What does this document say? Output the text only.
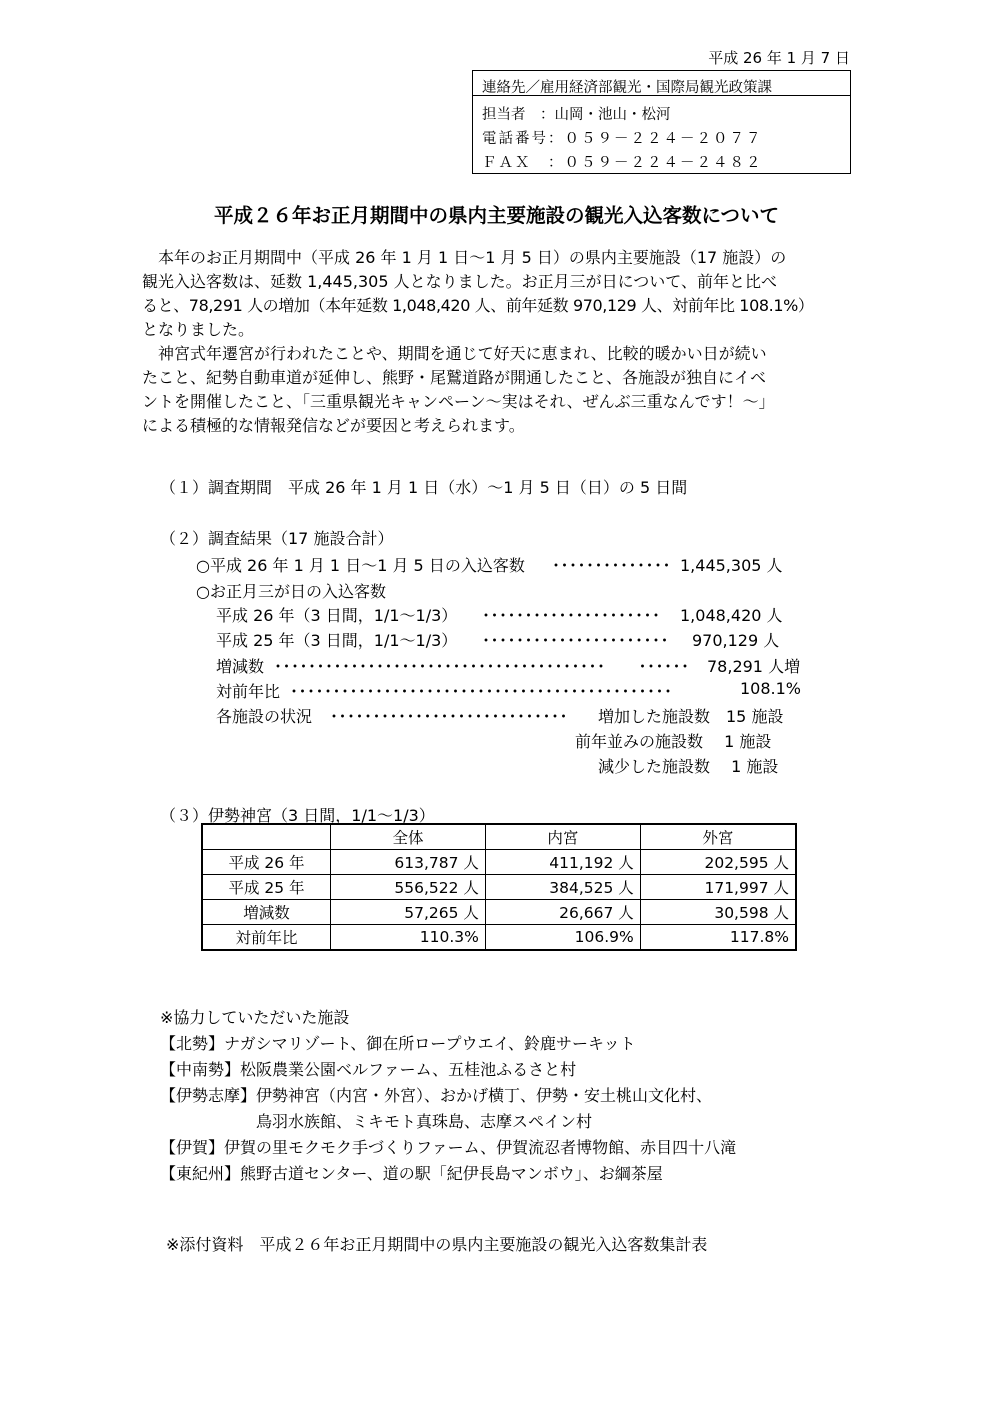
平成 26 年 1 月 7 日
連絡先／雇用経済部観光・国際局観光政策課
担当者　：山岡・池山・松河
電話番号：０５９－２２４－２０７７
ＦＡＸ　：０５９－２２４－２４８２
平成２６年お正月期間中の県内主要施設の観光入込客数について
　本年のお正月期間中（平成 26 年 1 月 1 日～1 月 5 日）の県内主要施設（17 施設）の
観光入込客数は、延数 1,445,305 人となりました。お正月三が日について、前年と比べ
ると、78,291 人の増加（本年延数 1,048,420 人、前年延数 970,129 人、対前年比 108.1%）
となりました。
　神宮式年遷宮が行われたことや、期間を通じて好天に恵まれ、比較的暖かい日が続い
たこと、紀勢自動車道が延伸し、熊野・尾鷲道路が開通したこと、各施設が独自にイベ
ントを開催したこと、「三重県観光キャンペーン～実はそれ、ぜんぶ三重なんです！～」
による積極的な情報発信などが要因と考えられます。
（１）調査期間　平成 26 年 1 月 1 日（水）～1 月 5 日（日）の 5 日間
（２）調査結果（17 施設合計）
○平成 26 年 1 月 1 日～1 月 5 日の入込客数 ･･････････････ 1,445,305 人
○お正月三が日の入込客数
平成 26 年（3 日間，1/1～1/3） ･････････････････････ 1,048,420 人
平成 25 年（3 日間，1/1～1/3） ･･････････････････････ 970,129 人
増減数 ･･･････････････････････････････････････　　･･････ 78,291 人増
対前年比 ･････････････････････････････････････････････	108.1%
各施設の状況 ････････････････････････････ 増加した施設数　15 施設
前年並みの施設数　 1 施設
減少した施設数　 1 施設
（３）伊勢神宮（3 日間，1/1～1/3）
	全体	内宮	外宮
平成 26 年	613,787 人	411,192 人	202,595 人
平成 25 年	556,522 人	384,525 人	171,997 人
増減数	57,265 人	26,667 人	30,598 人
対前年比	110.3%	106.9%	117.8%
※協力していただいた施設
【北勢】ナガシマリゾート、御在所ロープウエイ、鈴鹿サーキット
【中南勢】松阪農業公園ベルファーム、五桂池ふるさと村
【伊勢志摩】伊勢神宮（内宮・外宮）、おかげ横丁、伊勢・安土桃山文化村、
　　　　　　鳥羽水族館、ミキモト真珠島、志摩スペイン村
【伊賀】伊賀の里モクモク手づくりファーム、伊賀流忍者博物館、赤目四十八滝
【東紀州】熊野古道センター、道の駅「紀伊長島マンボウ」、お綱茶屋
※添付資料　平成２６年お正月期間中の県内主要施設の観光入込客数集計表
